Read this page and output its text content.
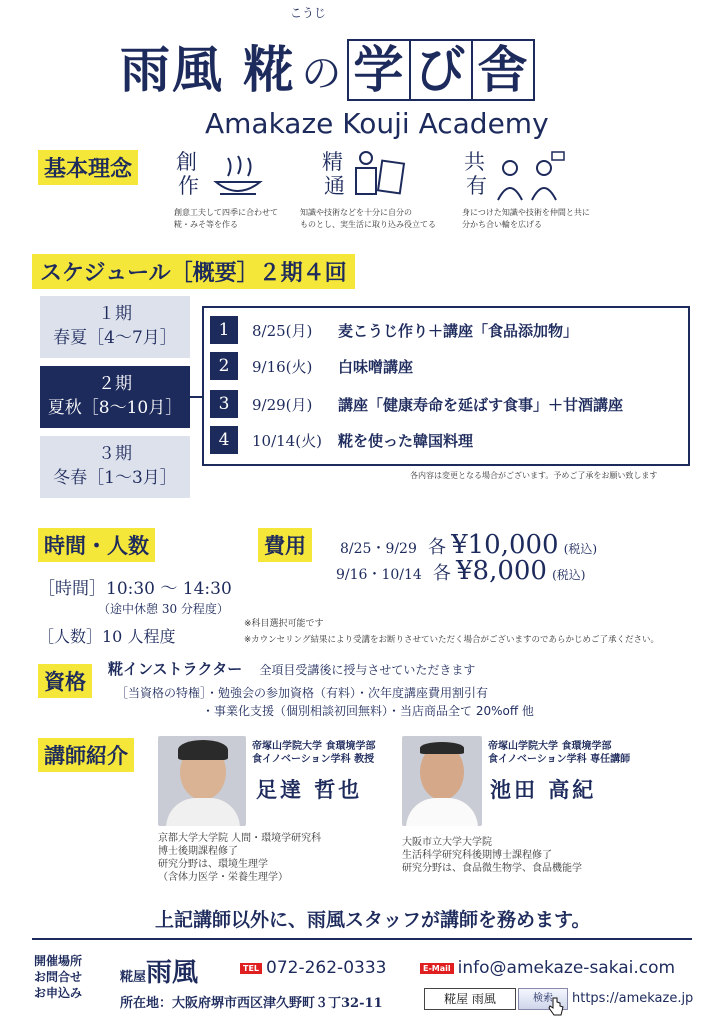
こうじ
雨風 糀 の 学 び 舎
Amakaze Kouji Academy
基本理念 創
作
創意工夫して四季に合わせて
糀・みそ等を作る
精
通
知識や技術などを十分に自分の
ものとし、実生活に取り込み役立てる
共
有
身につけた知識や技術を仲間と共に
分かち合い輪を広げる
スケジュール［概要］２期４回
１期
春夏［4～7月］
２期
夏秋［8～10月］
３期
冬春［1～3月］
1	8/25(月)	麦こうじ作り＋講座「食品添加物」
2	9/16(火)	白味噌講座
3	9/29(月)	講座「健康寿命を延ばす食事」＋甘酒講座
4	10/14(火)	糀を使った韓国料理
各内容は変更となる場合がございます。予めご了承をお願い致します
時間・人数
［時間］10:30 ～ 14:30
（途中休憩 30 分程度）
［人数］10 人程度
費用	8/25・9/29 各 ¥10,000 (税込)
9/16・10/14 各 ¥8,000 (税込)
※科目選択可能です
※カウンセリング結果により受講をお断りさせていただく場合がございますのであらかじめご了承ください。
資格
糀インストラクター 全項目受講後に授与させていただきます
［当資格の特権］・勉強会の参加資格（有料）・次年度講座費用割引有
・事業化支援（個別相談初回無料）・当店商品全て 20%off 他
講師紹介	帝塚山学院大学 食環境学部
食イノベーション学科 教授
足達 哲也
京都大学大学院 人間・環境学研究科
博士後期課程修了
研究分野は、環境生理学
（含体力医学・栄養生理学）
帝塚山学院大学 食環境学部
食イノベーション学科 専任講師
池田 高紀
大阪市立大学大学院
生活科学研究科後期博士課程修了
研究分野は、食品微生物学、食品機能学
上記講師以外に、雨風スタッフが講師を務めます。
開催場所
お問合せ
お申込み
糀屋雨風	TEL 072-262-0333	E-Mail info@amekaze-sakai.com
所在地：大阪府堺市西区津久野町３丁32-11	糀屋 雨風	検索	https://amekaze.jp
